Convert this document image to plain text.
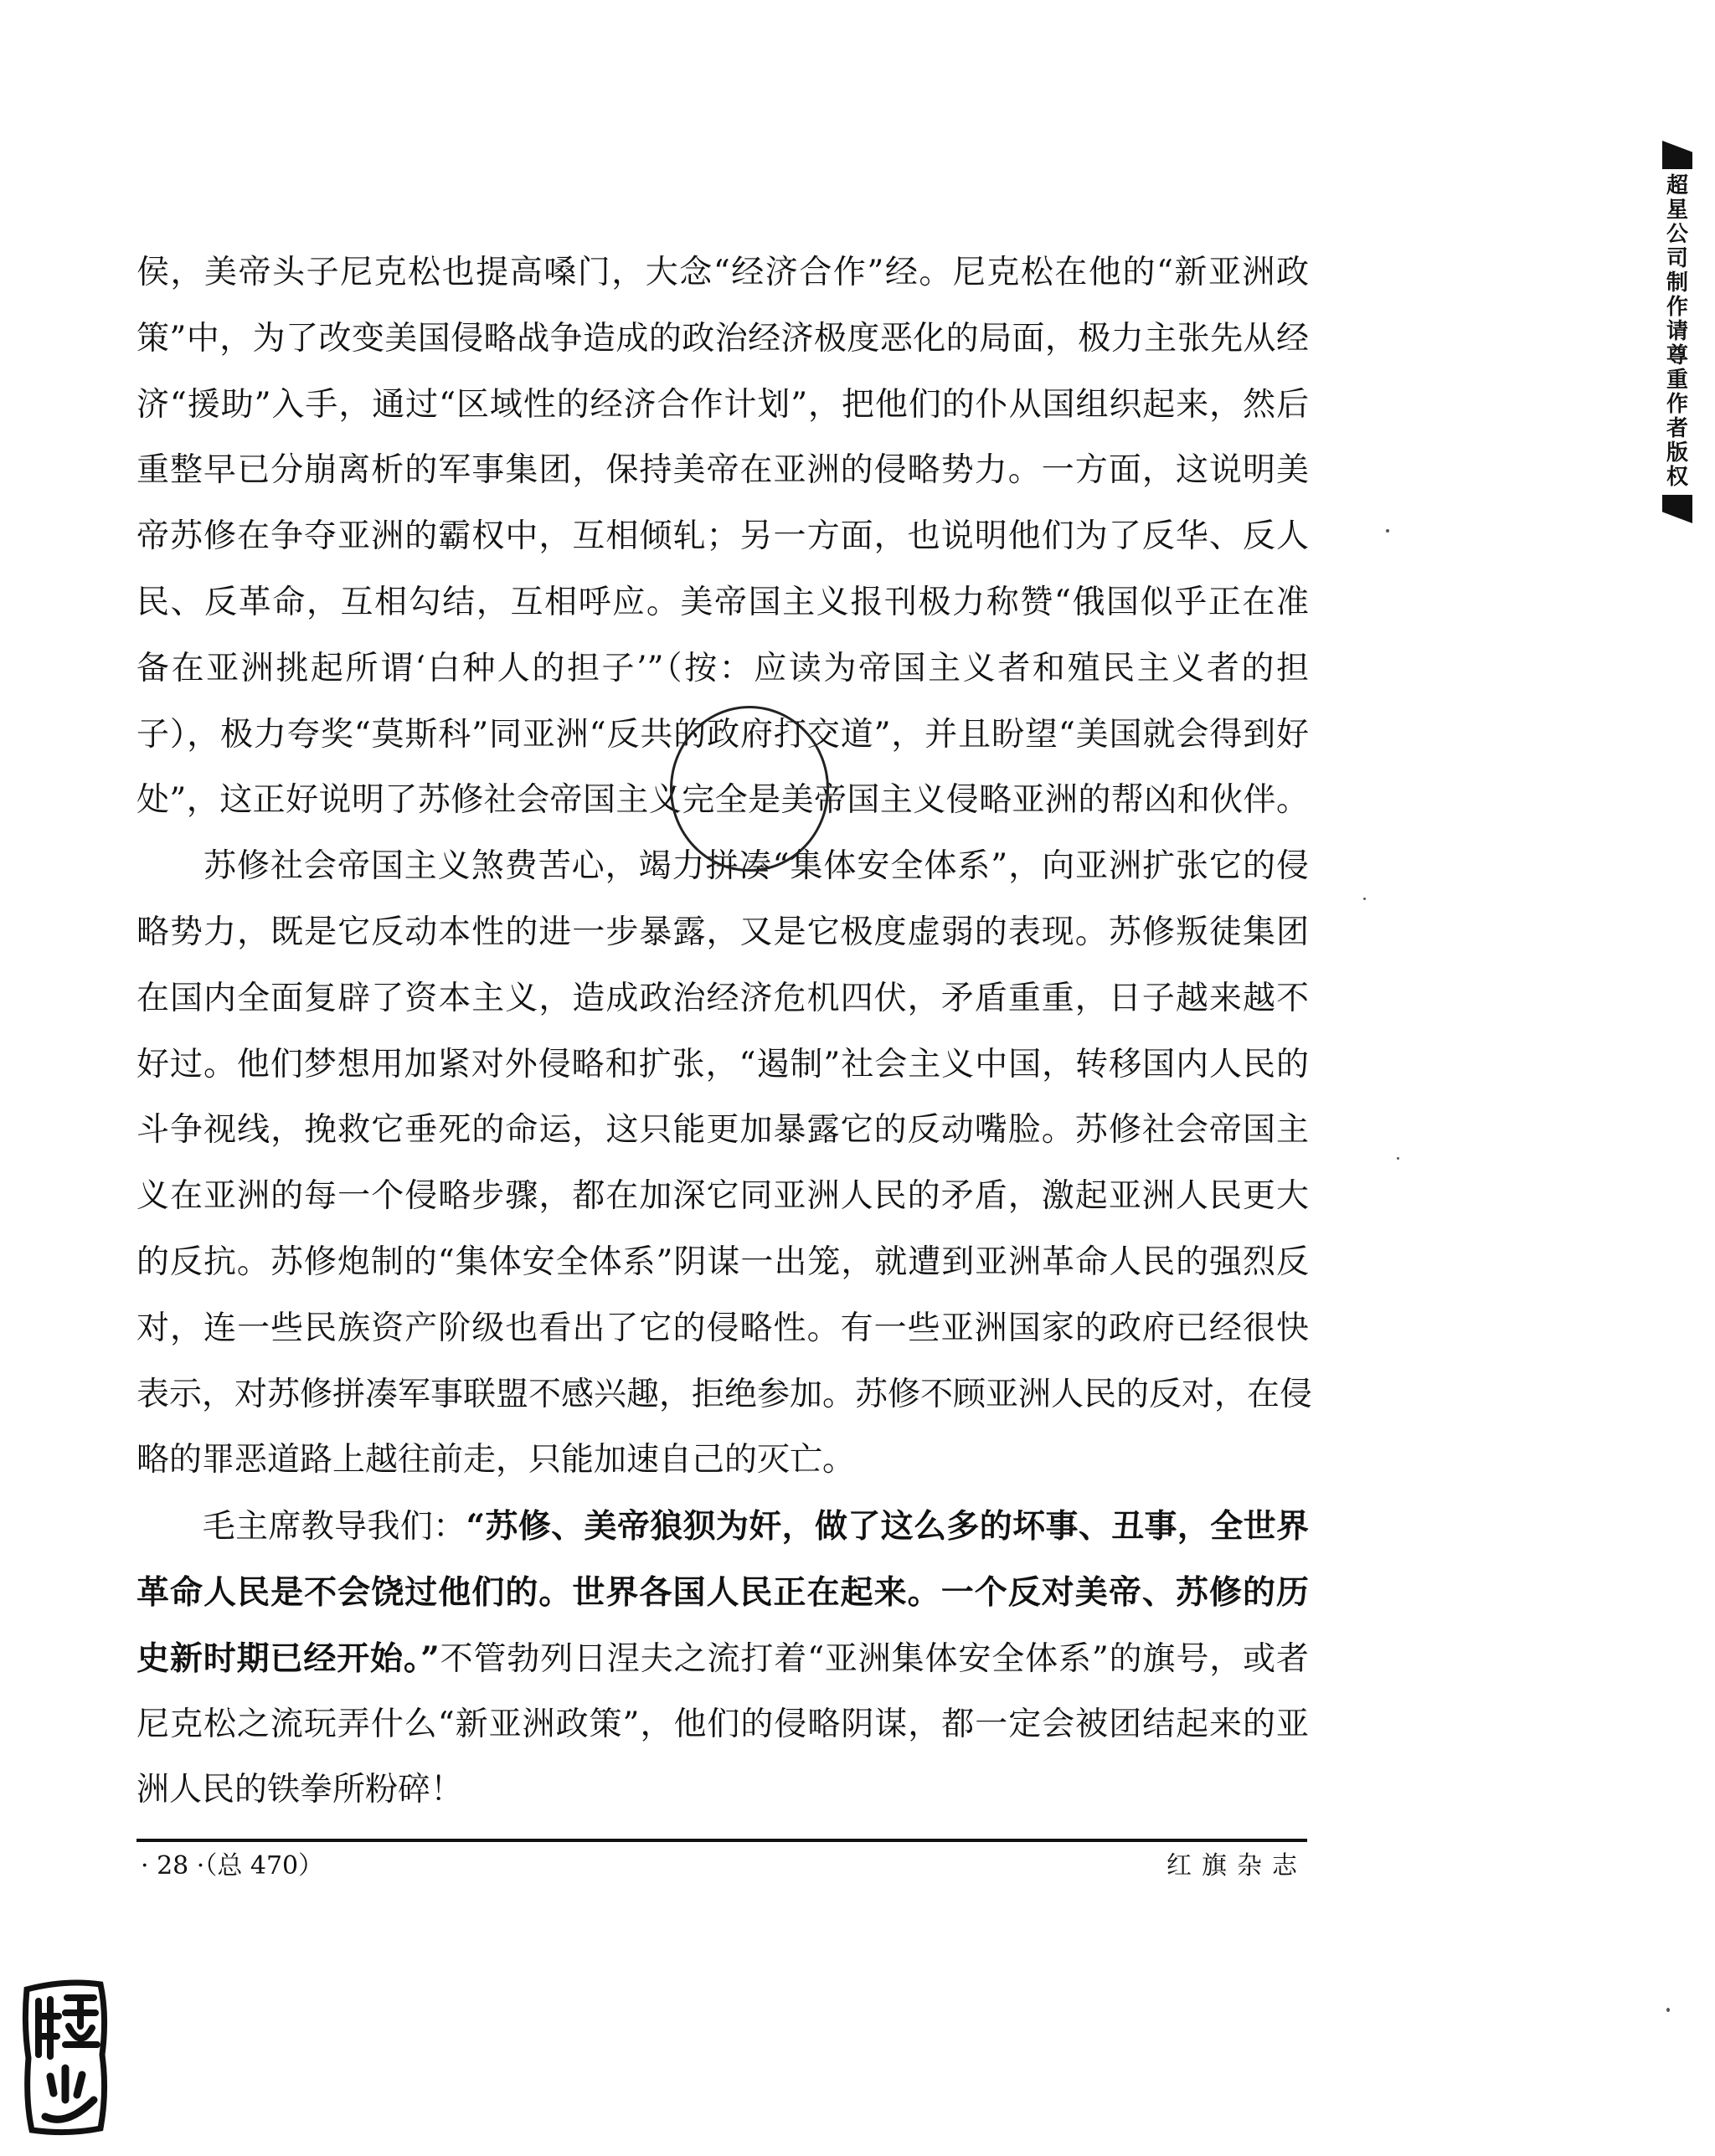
超星公司制作请尊重作者版权
侯，美帝头子尼克松也提高嗓门，大念“经济合作”经。尼克松在他的“新亚洲政
策”中，为了改变美国侵略战争造成的政治经济极度恶化的局面，极力主张先从经
济“援助”入手，通过“区域性的经济合作计划”，把他们的仆从国组织起来，然后
重整早已分崩离析的军事集团，保持美帝在亚洲的侵略势力。一方面，这说明美
帝苏修在争夺亚洲的霸权中，互相倾轧；另一方面，也说明他们为了反华、反人
民、反革命，互相勾结，互相呼应。美帝国主义报刊极力称赞“俄国似乎正在准
备在亚洲挑起所谓‘白种人的担子’”（按：应读为帝国主义者和殖民主义者的担
子），极力夸奖“莫斯科”同亚洲“反共的政府打交道”，并且盼望“美国就会得到好
处”，这正好说明了苏修社会帝国主义完全是美帝国主义侵略亚洲的帮凶和伙伴。
　　苏修社会帝国主义煞费苦心，竭力拼凑“集体安全体系”，向亚洲扩张它的侵
略势力，既是它反动本性的进一步暴露，又是它极度虚弱的表现。苏修叛徒集团
在国内全面复辟了资本主义，造成政治经济危机四伏，矛盾重重，日子越来越不
好过。他们梦想用加紧对外侵略和扩张，“遏制”社会主义中国，转移国内人民的
斗争视线，挽救它垂死的命运，这只能更加暴露它的反动嘴脸。苏修社会帝国主
义在亚洲的每一个侵略步骤，都在加深它同亚洲人民的矛盾，激起亚洲人民更大
的反抗。苏修炮制的“集体安全体系”阴谋一出笼，就遭到亚洲革命人民的强烈反
对，连一些民族资产阶级也看出了它的侵略性。有一些亚洲国家的政府已经很快
表示，对苏修拼凑军事联盟不感兴趣，拒绝参加。苏修不顾亚洲人民的反对，在侵
略的罪恶道路上越往前走，只能加速自己的灭亡。
　　毛主席教导我们：“苏修、美帝狼狈为奸，做了这么多的坏事、丑事，全世界
革命人民是不会饶过他们的。世界各国人民正在起来。一个反对美帝、苏修的历
史新时期已经开始。”不管勃列日涅夫之流打着“亚洲集体安全体系”的旗号，或者
尼克松之流玩弄什么“新亚洲政策”，他们的侵略阴谋，都一定会被团结起来的亚
洲人民的铁拳所粉碎！
· 28 ·（总 470）	红旗杂志
